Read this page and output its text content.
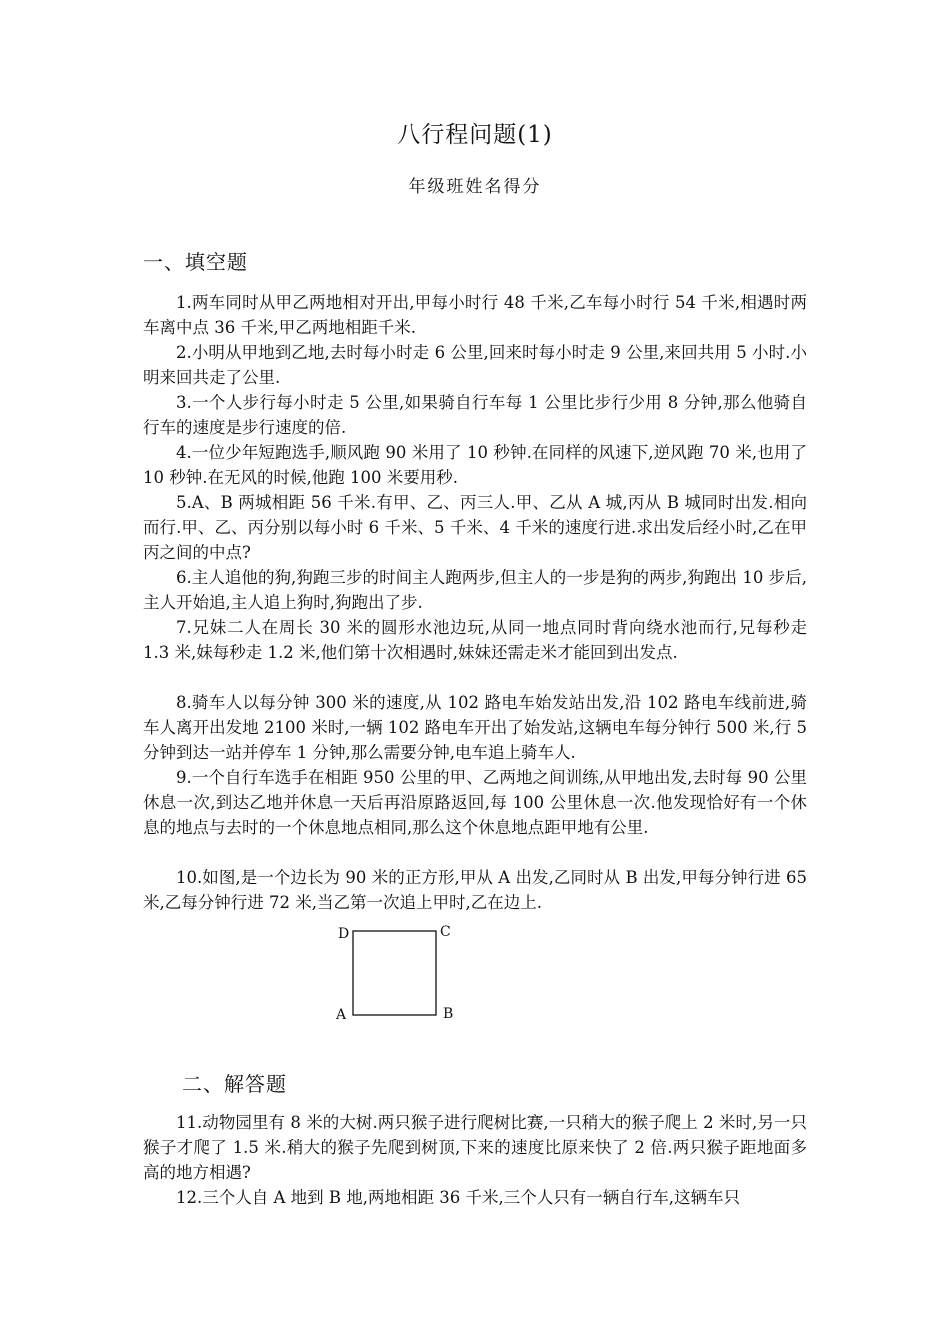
八行程问题(1)
年级班姓名得分
一、填空题

1.两车同时从甲乙两地相对开出,甲每小时行 48 千米,乙车每小时行 54 千米,相遇时两车离中点 36 千米,甲乙两地相距千米.

2.小明从甲地到乙地,去时每小时走 6 公里,回来时每小时走 9 公里,来回共用 5 小时.小明来回共走了公里.

3.一个人步行每小时走 5 公里,如果骑自行车每 1 公里比步行少用 8 分钟,那么他骑自行车的速度是步行速度的倍.

4.一位少年短跑选手,顺风跑 90 米用了 10 秒钟.在同样的风速下,逆风跑 70 米,也用了 10 秒钟.在无风的时候,他跑 100 米要用秒.

5.A、B 两城相距 56 千米.有甲、乙、丙三人.甲、乙从 A 城,丙从 B 城同时出发.相向而行.甲、乙、丙分别以每小时 6 千米、5 千米、4 千米的速度行进.求出发后经小时,乙在甲丙之间的中点?

6.主人追他的狗,狗跑三步的时间主人跑两步,但主人的一步是狗的两步,狗跑出 10 步后,主人开始追,主人追上狗时,狗跑出了步.

7.兄妹二人在周长 30 米的圆形水池边玩,从同一地点同时背向绕水池而行,兄每秒走 1.3 米,妹每秒走 1.2 米,他们第十次相遇时,妹妹还需走米才能回到出发点.

8.骑车人以每分钟 300 米的速度,从 102 路电车始发站出发,沿 102 路电车线前进,骑车人离开出发地 2100 米时,一辆 102 路电车开出了始发站,这辆电车每分钟行 500 米,行 5 分钟到达一站并停车 1 分钟,那么需要分钟,电车追上骑车人.

9.一个自行车选手在相距 950 公里的甲、乙两地之间训练,从甲地出发,去时每 90 公里休息一次,到达乙地并休息一天后再沿原路返回,每 100 公里休息一次.他发现恰好有一个休息的地点与去时的一个休息地点相同,那么这个休息地点距甲地有公里.

10.如图,是一个边长为 90 米的正方形,甲从 A 出发,乙同时从 B 出发,甲每分钟行进 65 米,乙每分钟行进 72 米,当乙第一次追上甲时,乙在边上.

D	C
A	B
二、解答题

11.动物园里有 8 米的大树.两只猴子进行爬树比赛,一只稍大的猴子爬上 2 米时,另一只猴子才爬了 1.5 米.稍大的猴子先爬到树顶,下来的速度比原来快了 2 倍.两只猴子距地面多高的地方相遇?

12.三个人自 A 地到 B 地,两地相距 36 千米,三个人只有一辆自行车,这辆车只
